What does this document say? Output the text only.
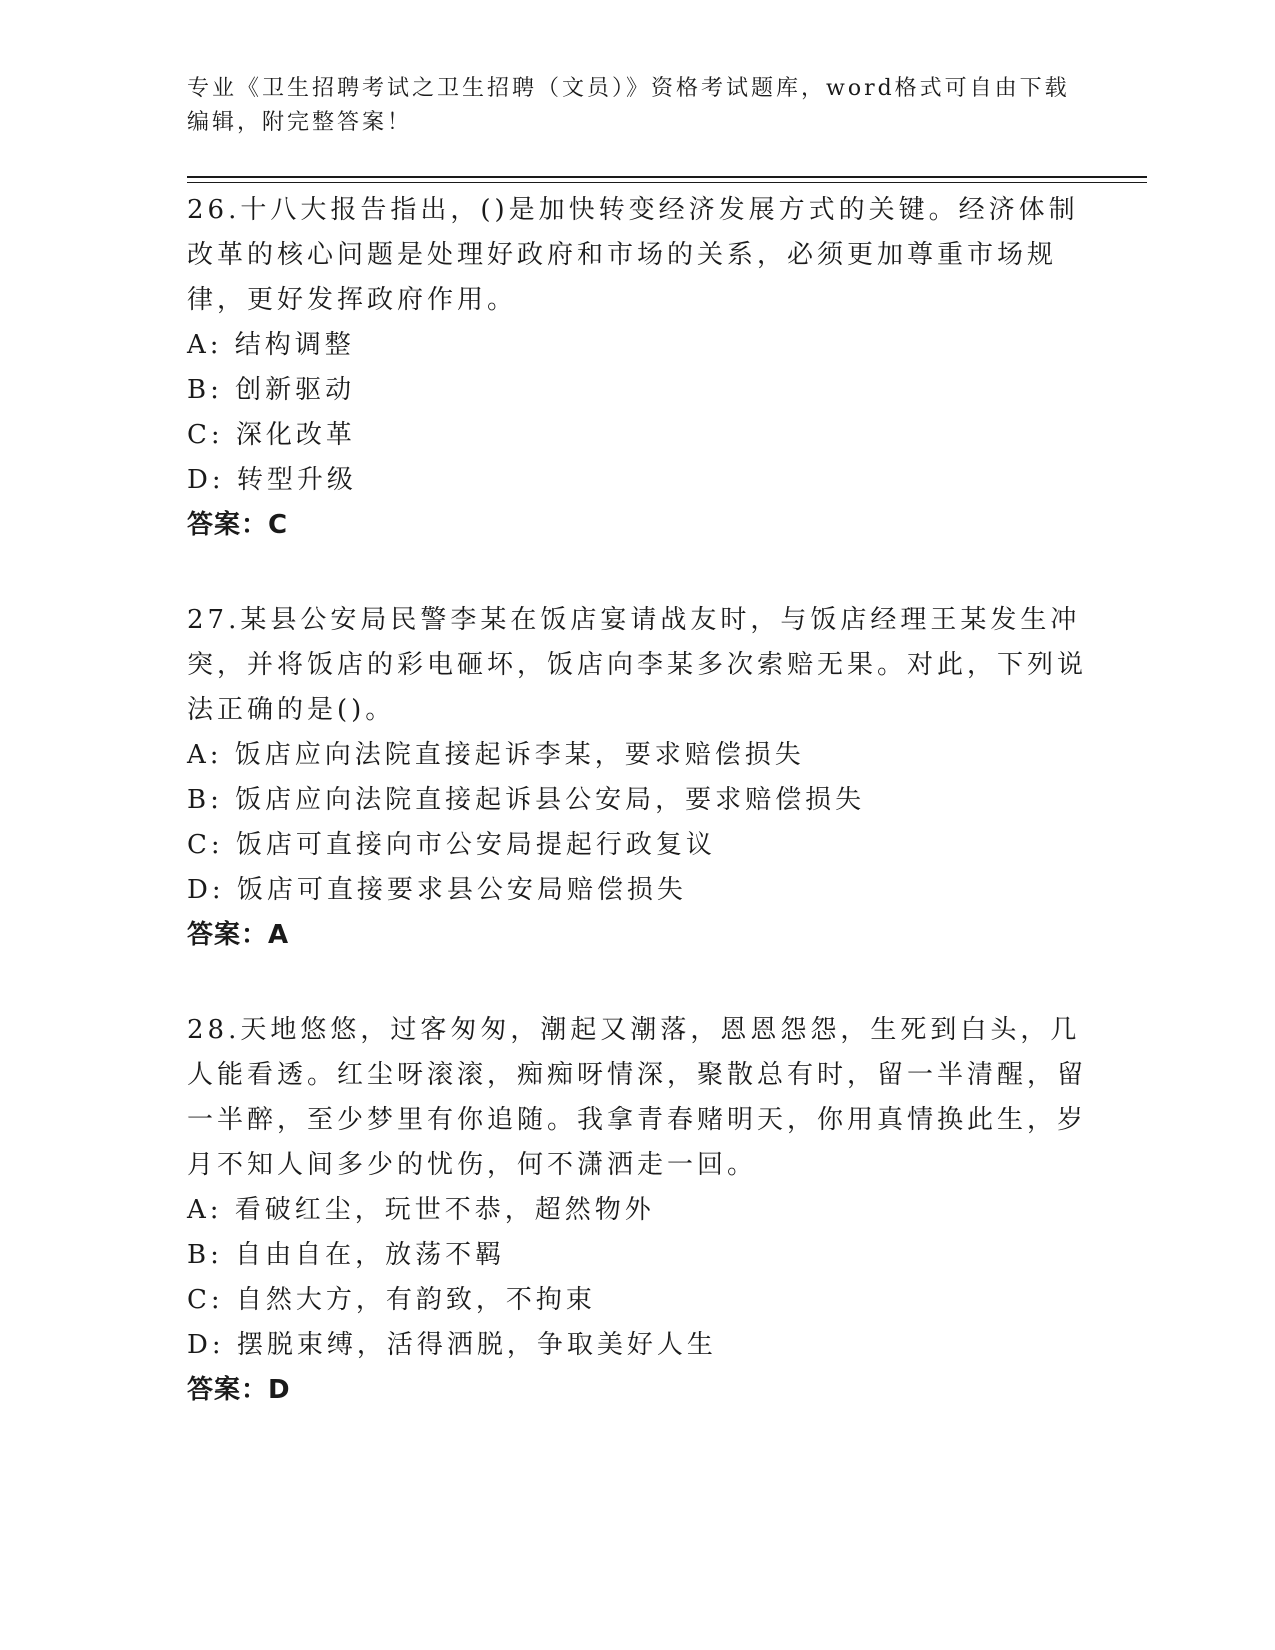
专业《卫生招聘考试之卫生招聘（文员）》资格考试题库，word格式可自由下载编辑，附完整答案！

26.十八大报告指出，()是加快转变经济发展方式的关键。经济体制改革的核心问题是处理好政府和市场的关系，必须更加尊重市场规律，更好发挥政府作用。

A: 结构调整

B: 创新驱动

C: 深化改革

D: 转型升级

答案：C

27.某县公安局民警李某在饭店宴请战友时，与饭店经理王某发生冲突，并将饭店的彩电砸坏，饭店向李某多次索赔无果。对此，下列说法正确的是()。

A: 饭店应向法院直接起诉李某，要求赔偿损失

B: 饭店应向法院直接起诉县公安局，要求赔偿损失

C: 饭店可直接向市公安局提起行政复议

D: 饭店可直接要求县公安局赔偿损失

答案：A

28.天地悠悠，过客匆匆，潮起又潮落，恩恩怨怨，生死到白头，几人能看透。红尘呀滚滚，痴痴呀情深，聚散总有时，留一半清醒，留一半醉，至少梦里有你追随。我拿青春赌明天，你用真情换此生，岁月不知人间多少的忧伤，何不潇洒走一回。

A: 看破红尘，玩世不恭，超然物外

B: 自由自在，放荡不羁

C: 自然大方，有韵致，不拘束

D: 摆脱束缚，活得洒脱，争取美好人生

答案：D
